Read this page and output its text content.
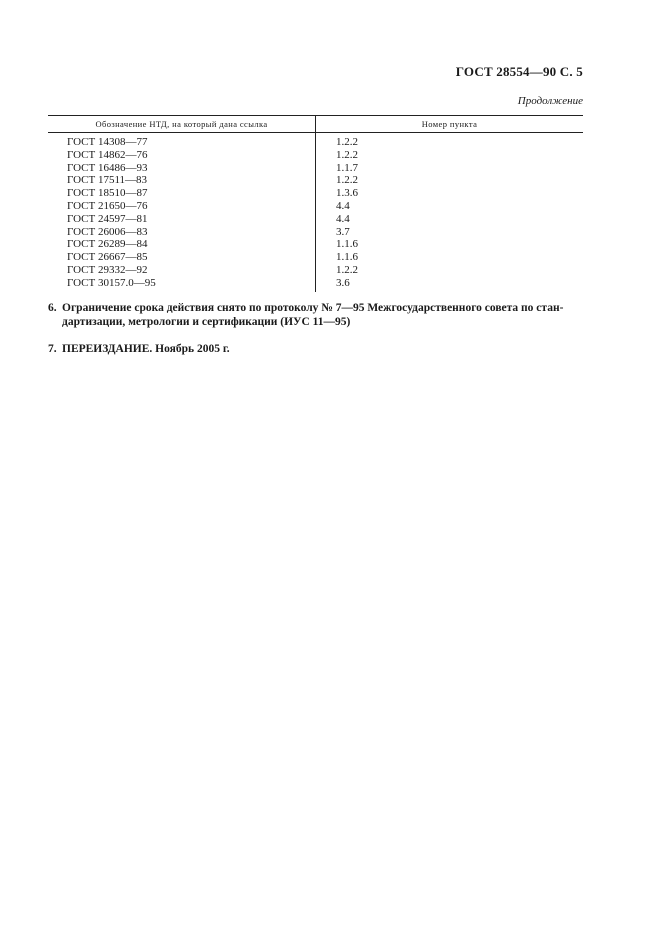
ГОСТ 28554—90 С. 5
Продолжение
Обозначение НТД, на который дана ссылка	Номер пункта
ГОСТ 14308—77	1.2.2
ГОСТ 14862—76	1.2.2
ГОСТ 16486—93	1.1.7
ГОСТ 17511—83	1.2.2
ГОСТ 18510—87	1.3.6
ГОСТ 21650—76	4.4
ГОСТ 24597—81	4.4
ГОСТ 26006—83	3.7
ГОСТ 26289—84	1.1.6
ГОСТ 26667—85	1.1.6
ГОСТ 29332—92	1.2.2
ГОСТ 30157.0—95	3.6
6. Ограничение срока действия снято по протоколу № 7—95 Межгосударственного совета по стан-
дартизации, метрологии и сертификации (ИУС 11—95)
7. ПЕРЕИЗДАНИЕ. Ноябрь 2005 г.
